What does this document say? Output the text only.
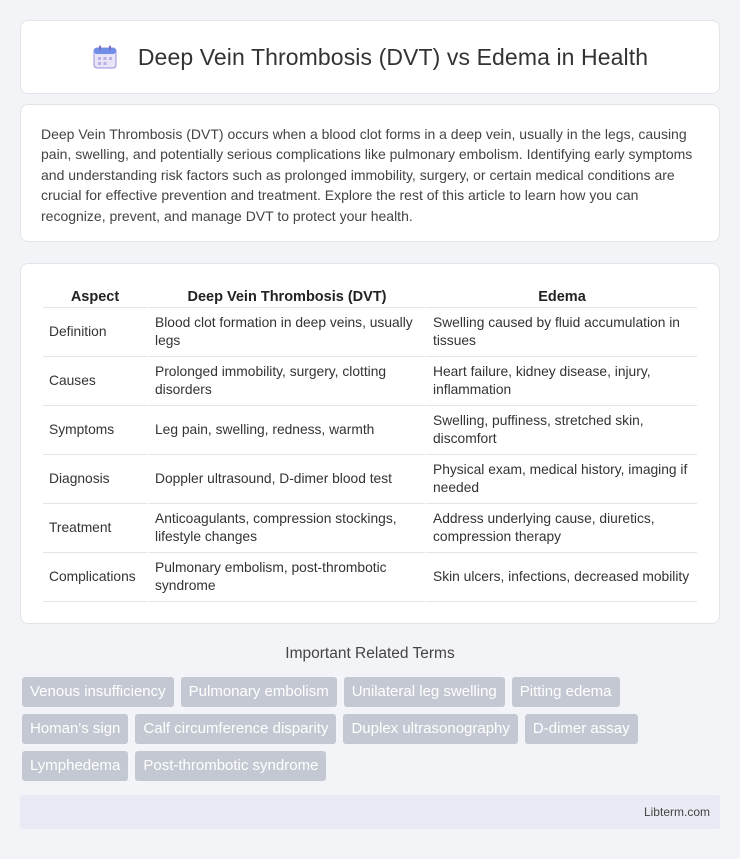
Deep Vein Thrombosis (DVT) vs Edema in Health

Deep Vein Thrombosis (DVT) occurs when a blood clot forms in a deep vein, usually in the legs, causing pain, swelling, and potentially serious complications like pulmonary embolism. Identifying early symptoms and understanding risk factors such as prolonged immobility, surgery, or certain medical conditions are crucial for effective prevention and treatment. Explore the rest of this article to learn how you can recognize, prevent, and manage DVT to protect your health.

Aspect	Deep Vein Thrombosis (DVT)	Edema
Definition	Blood clot formation in deep veins, usually legs	Swelling caused by fluid accumulation in tissues
Causes	Prolonged immobility, surgery, clotting disorders	Heart failure, kidney disease, injury, inflammation
Symptoms	Leg pain, swelling, redness, warmth	Swelling, puffiness, stretched skin, discomfort
Diagnosis	Doppler ultrasound, D-dimer blood test	Physical exam, medical history, imaging if needed
Treatment	Anticoagulants, compression stockings, lifestyle changes	Address underlying cause, diuretics, compression therapy
Complications	Pulmonary embolism, post-thrombotic syndrome	Skin ulcers, infections, decreased mobility
Important Related Terms
Venous insufficiency	Pulmonary embolism	Unilateral leg swelling	Pitting edema
Homan's sign	Calf circumference disparity	Duplex ultrasonography	D-dimer assay
Lymphedema	Post-thrombotic syndrome
Libterm.com
